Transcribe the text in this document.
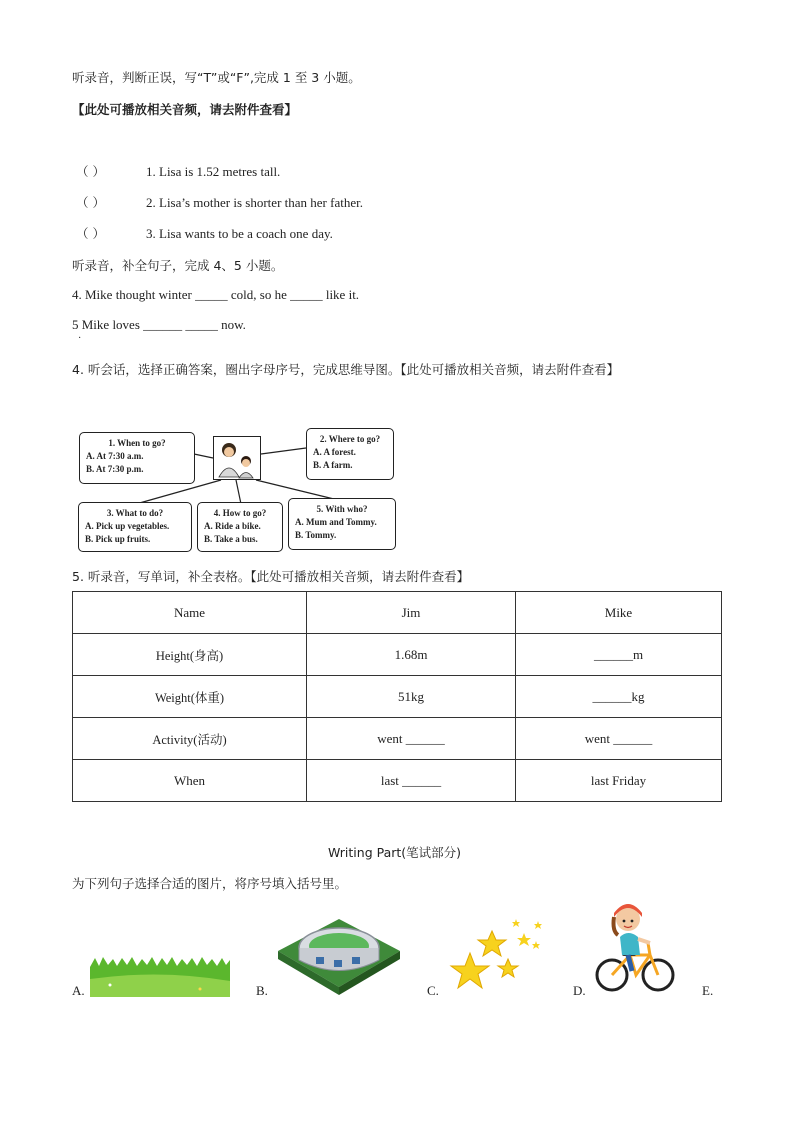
听录音，判断正误，写“T”或“F”,完成 1 至 3 小题。
【此处可播放相关音频，请去附件查看】
（ ）	1. Lisa is 1.52 metres tall.
（ ）	2. Lisa’s mother is shorter than her father.
（ ）	3. Lisa wants to be a coach one day.
听录音，补全句子，完成 4、5 小题。
4. Mike thought winter _____ cold, so he _____ like it.
5 Mike loves ______ _____ now.
·
4. 听会话，选择正确答案，圈出字母序号，完成思维导图。【此处可播放相关音频，请去附件查看】
1. When to go?
A. At 7:30 a.m.
B. At 7:30 p.m.
2. Where to go?
A. A forest.
B. A farm.
3. What to do?
A. Pick up vegetables.
B. Pick up fruits.
4. How to go?
A. Ride a bike.
B. Take a bus.
5. With who?
A. Mum and Tommy.
B. Tommy.
5. 听录音，写单词，补全表格。【此处可播放相关音频，请去附件查看】
Name	Jim	Mike
Height(身高)	1.68m	______m
Weight(体重)	51kg	______kg
Activity(活动)	went ______	went ______
When	last ______	last Friday
Writing Part(笔试部分)
为下列句子选择合适的图片，将序号填入括号里。
A.	B.	C.	D.	E.
